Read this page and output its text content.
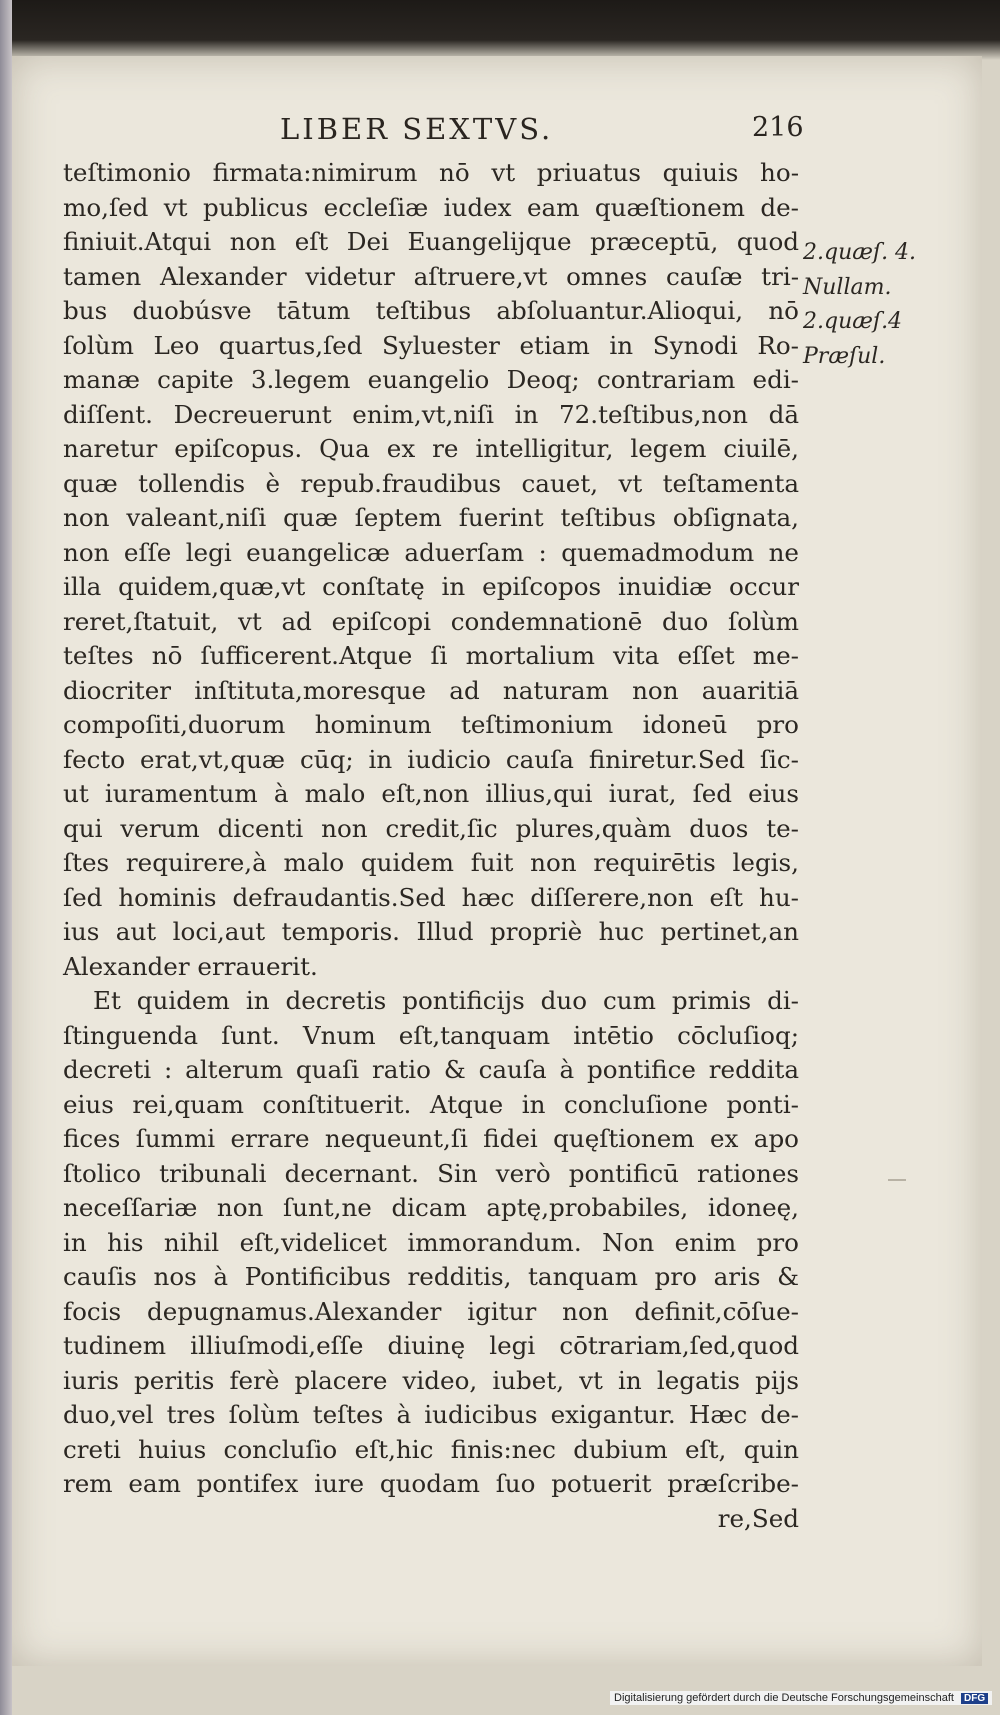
LIBER SEXTVS.	216
teſtimonio firmata:nimirum nō vt priuatus quiuis ho-
mo,ſed vt publicus eccleſiæ iudex eam quæſtionem de-
finiuit.Atqui non eſt Dei Euangelijque præceptū, quod
tamen Alexander videtur aſtruere,vt omnes cauſæ tri-
bus duobúsve tātum teſtibus abſoluantur.Alioqui, nō
ſolùm Leo quartus,ſed Syluester etiam in Synodi Ro-
manæ capite 3.legem euangelio Deoq; contrariam edi-
diſſent. Decreuerunt enim,vt,niſi in 72.teſtibus,non dā
naretur epiſcopus. Qua ex re intelligitur, legem ciuilē,
quæ tollendis è repub.fraudibus cauet, vt teſtamenta
non valeant,niſi quæ ſeptem fuerint teſtibus obſignata,
non eſſe legi euangelicæ aduerſam : quemadmodum ne
illa quidem,quæ,vt conſtatę in epiſcopos inuidiæ occur
reret,ſtatuit, vt ad epiſcopi condemnationē duo ſolùm
teſtes nō ſufficerent.Atque ſi mortalium vita eſſet me-
diocriter inſtituta,moresque ad naturam non auaritiā
compoſiti,duorum hominum teſtimonium idoneū pro
fecto erat,vt,quæ cūq; in iudicio cauſa finiretur.Sed ſic-
ut iuramentum à malo eſt,non illius,qui iurat, ſed eius
qui verum dicenti non credit,ſic plures,quàm duos te-
ſtes requirere,à malo quidem fuit non requirētis legis,
ſed hominis defraudantis.Sed hæc diſſerere,non eſt hu-
ius aut loci,aut temporis. Illud propriè huc pertinet,an
Alexander errauerit.
Et quidem in decretis pontificijs duo cum primis di-
ſtinguenda ſunt. Vnum eſt,tanquam intētio cōcluſioq;
decreti : alterum quaſi ratio & cauſa à pontifice reddita
eius rei,quam conſtituerit. Atque in concluſione ponti-
fices ſummi errare nequeunt,ſi fidei quęſtionem ex apo
ſtolico tribunali decernant. Sin verò pontificū rationes
neceſſariæ non ſunt,ne dicam aptę,probabiles, idoneę,
in his nihil eſt,videlicet immorandum. Non enim pro
cauſis nos à Pontificibus redditis, tanquam pro aris &
focis depugnamus.Alexander igitur non definit,cōſue-
tudinem illiuſmodi,eſſe diuinę legi cōtrariam,ſed,quod
iuris peritis ferè placere video, iubet, vt in legatis pijs
duo,vel tres ſolùm teſtes à iudicibus exigantur. Hæc de-
creti huius concluſio eſt,hic finis:nec dubium eſt, quin
rem eam pontifex iure quodam ſuo potuerit præſcribe-
re,Sed
2.quæſ. 4.
Nullam.
2.quæſ.4
Præſul.
Digitalisierung gefördert durch die Deutsche Forschungsgemeinschaft DFG
